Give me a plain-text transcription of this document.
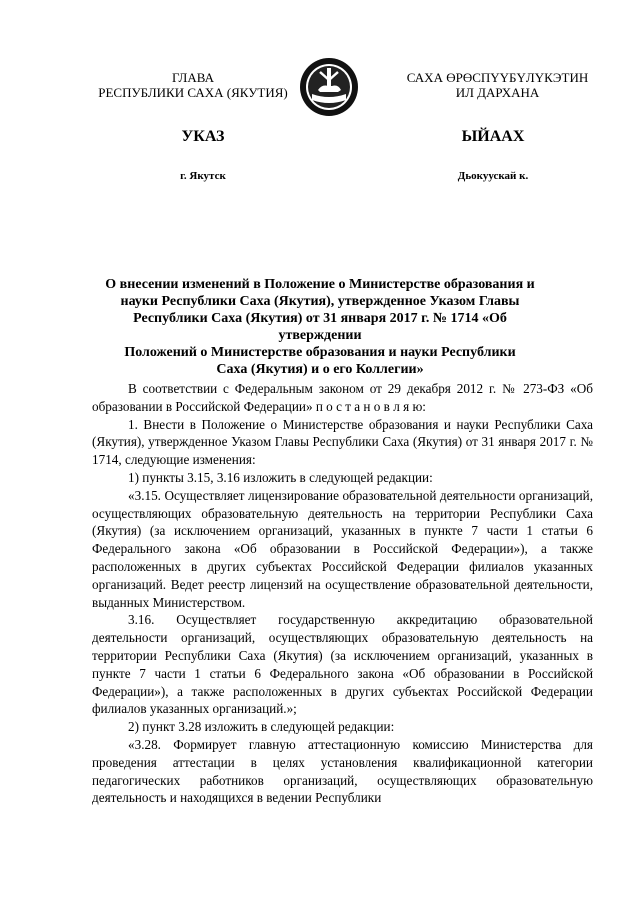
ГЛАВА
РЕСПУБЛИКИ САХА (ЯКУТИЯ)
САХА ӨРӨСПҮҮБҮЛҮКЭТИН
ИЛ ДАРХАНА
УКАЗ	ЫЙААХ
г. Якутск	Дьокуускай к.
О внесении изменений в Положение о Министерстве образования и
науки Республики Саха (Якутия), утвержденное Указом Главы
Республики Саха (Якутия) от 31 января 2017 г. № 1714 «Об утверждении
Положений о Министерстве образования и науки Республики
Саха (Якутия) и о его Коллегии»

В соответствии с Федеральным законом от 29 декабря 2012 г. № 273-ФЗ «Об образовании в Российской Федерации» п о с т а н о в л я ю:

1. Внести в Положение о Министерстве образования и науки Республики Саха (Якутия), утвержденное Указом Главы Республики Саха (Якутия) от 31 января 2017 г. № 1714, следующие изменения:

1) пункты 3.15, 3.16 изложить в следующей редакции:

«3.15. Осуществляет лицензирование образовательной деятельности организаций, осуществляющих образовательную деятельность на территории Республики Саха (Якутия) (за исключением организаций, указанных в пункте 7 части 1 статьи 6 Федерального закона «Об образовании в Российской Федерации»), а также расположенных в других субъектах Российской Федерации филиалов указанных организаций. Ведет реестр лицензий на осуществление образовательной деятельности, выданных Министерством.

3.16. Осуществляет государственную аккредитацию образовательной деятельности организаций, осуществляющих образовательную деятельность на территории Республики Саха (Якутия) (за исключением организаций, указанных в пункте 7 части 1 статьи 6 Федерального закона «Об образовании в Российской Федерации»), а также расположенных в других субъектах Российской Федерации филиалов указанных организаций.»;

2) пункт 3.28 изложить в следующей редакции:

«3.28. Формирует главную аттестационную комиссию Министерства для проведения аттестации в целях установления квалификационной категории педагогических работников организаций, осуществляющих образовательную деятельность и находящихся в ведении Республики
